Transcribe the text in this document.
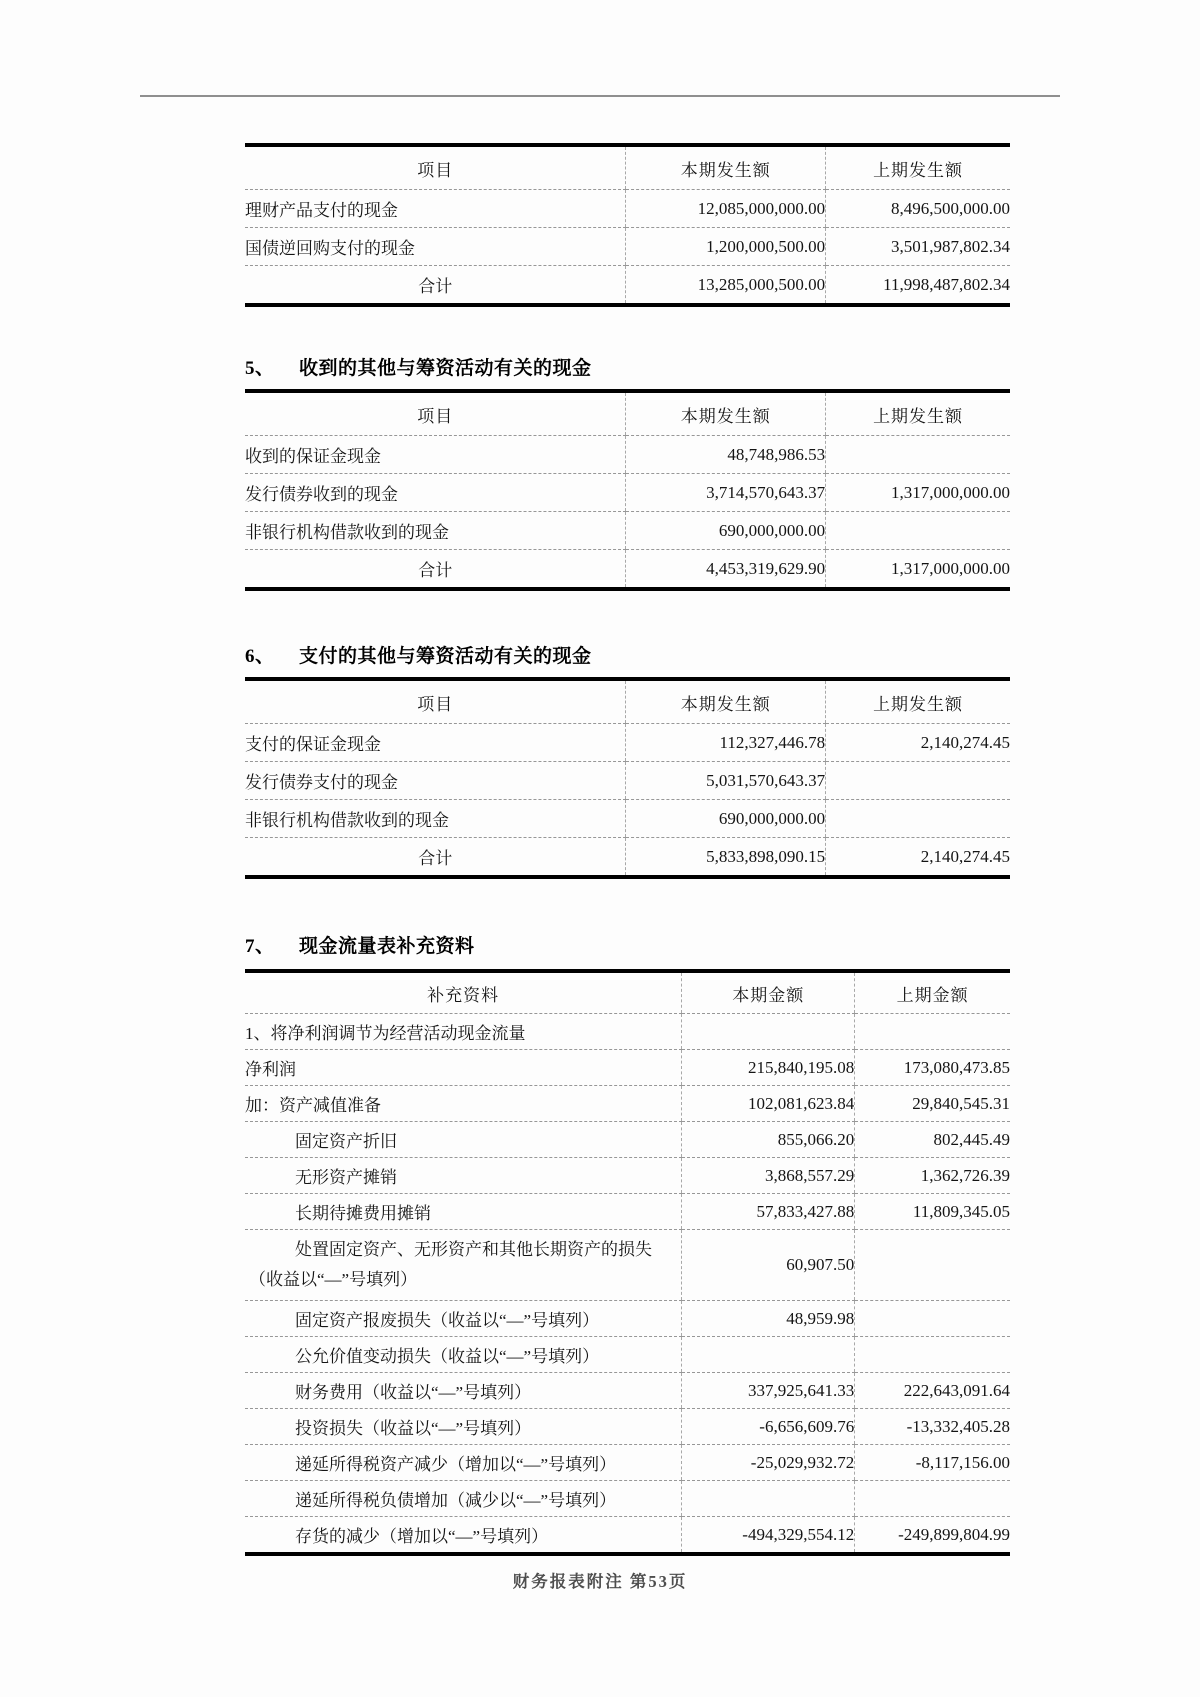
项目	本期发生额	上期发生额
理财产品支付的现金	12,085,000,000.00	8,496,500,000.00
国债逆回购支付的现金	1,200,000,500.00	3,501,987,802.34
合计	13,285,000,500.00	11,998,487,802.34
5、 收到的其他与筹资活动有关的现金
项目	本期发生额	上期发生额
收到的保证金现金	48,748,986.53	
发行债券收到的现金	3,714,570,643.37	1,317,000,000.00
非银行机构借款收到的现金	690,000,000.00	
合计	4,453,319,629.90	1,317,000,000.00
6、 支付的其他与筹资活动有关的现金
项目	本期发生额	上期发生额
支付的保证金现金	112,327,446.78	2,140,274.45
发行债券支付的现金	5,031,570,643.37	
非银行机构借款收到的现金	690,000,000.00	
合计	5,833,898,090.15	2,140,274.45
7、 现金流量表补充资料
补充资料	本期金额	上期金额
1、将净利润调节为经营活动现金流量		
净利润	215,840,195.08	173,080,473.85
加：资产减值准备	102,081,623.84	29,840,545.31
固定资产折旧	855,066.20	802,445.49
无形资产摊销	3,868,557.29	1,362,726.39
长期待摊费用摊销	57,833,427.88	11,809,345.05

处置固定资产、无形资产和其他长期资产的损失
（收益以“—”号填列）	60,907.50	
固定资产报废损失（收益以“—”号填列）	48,959.98	
公允价值变动损失（收益以“—”号填列）		
财务费用（收益以“—”号填列）	337,925,641.33	222,643,091.64
投资损失（收益以“—”号填列）	-6,656,609.76	-13,332,405.28
递延所得税资产减少（增加以“—”号填列）	-25,029,932.72	-8,117,156.00
递延所得税负债增加（减少以“—”号填列）		
存货的减少（增加以“—”号填列）	-494,329,554.12	-249,899,804.99
财务报表附注 第53页
